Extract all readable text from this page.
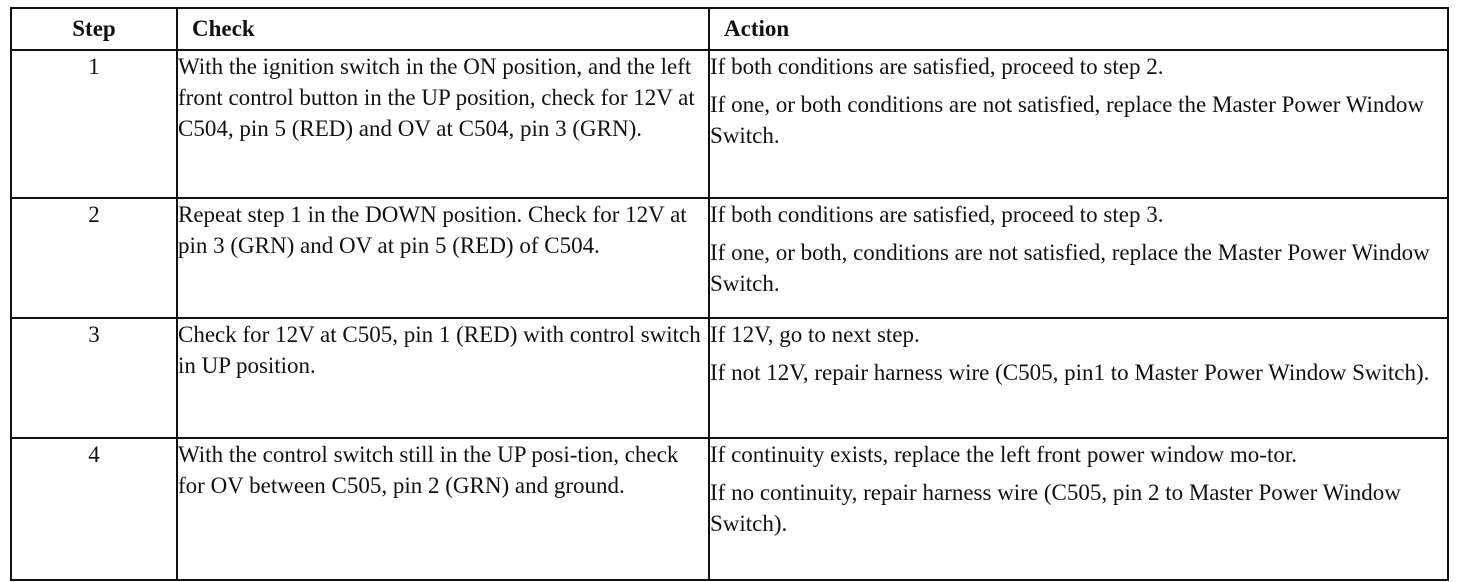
Step	Check	Action
1	With the ignition switch in the ON position, and the left front control button in the UP position, check for 12V at C504, pin 5 (RED) and OV at C504, pin 3 (GRN).	If both conditions are satisfied, proceed to step 2.
If one, or both conditions are not satisfied, replace the Master Power Window Switch.

2	Repeat step 1 in the DOWN position. Check for 12V at pin 3 (GRN) and OV at pin 5 (RED) of C504.	If both conditions are satisfied, proceed to step 3.
If one, or both, conditions are not satisfied, replace the Master Power Window Switch.

3	Check for 12V at C505, pin 1 (RED) with control switch in UP position.	If 12V, go to next step.
If not 12V, repair harness wire (C505, pin1 to Master Power Window Switch).

4	With the control switch still in the UP posi-tion, check for OV between C505, pin 2 (GRN) and ground.	If continuity exists, replace the left front power window mo-tor.
If no continuity, repair harness wire (C505, pin 2 to Master Power Window Switch).
